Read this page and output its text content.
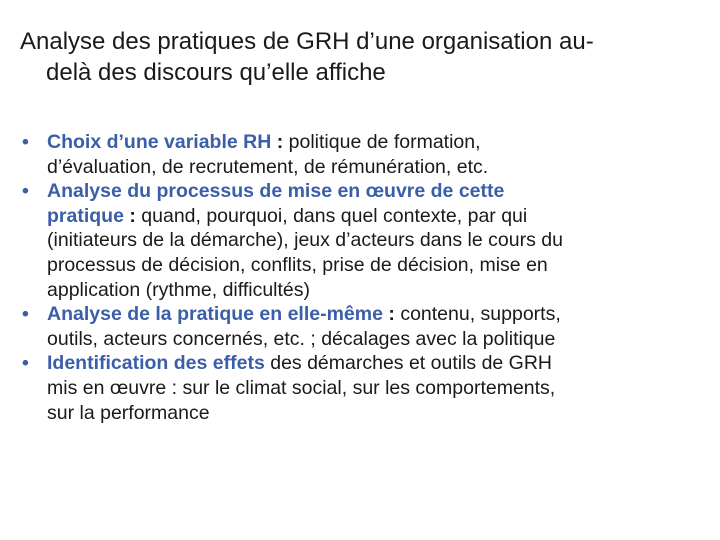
Analyse des pratiques de GRH d’une organisation au-
delà des discours qu’elle affiche
• Choix d’une variable RH : politique de formation,
d’évaluation, de recrutement, de rémunération, etc.
• Analyse du processus de mise en œuvre de cette
pratique : quand, pourquoi, dans quel contexte, par qui
(initiateurs de la démarche), jeux d’acteurs dans le cours du
processus de décision, conflits, prise de décision, mise en
application (rythme, difficultés)
• Analyse de la pratique en elle-même : contenu, supports,
outils, acteurs concernés, etc. ; décalages avec la politique
• Identification des effets des démarches et outils de GRH
mis en œuvre : sur le climat social, sur les comportements,
sur la performance
